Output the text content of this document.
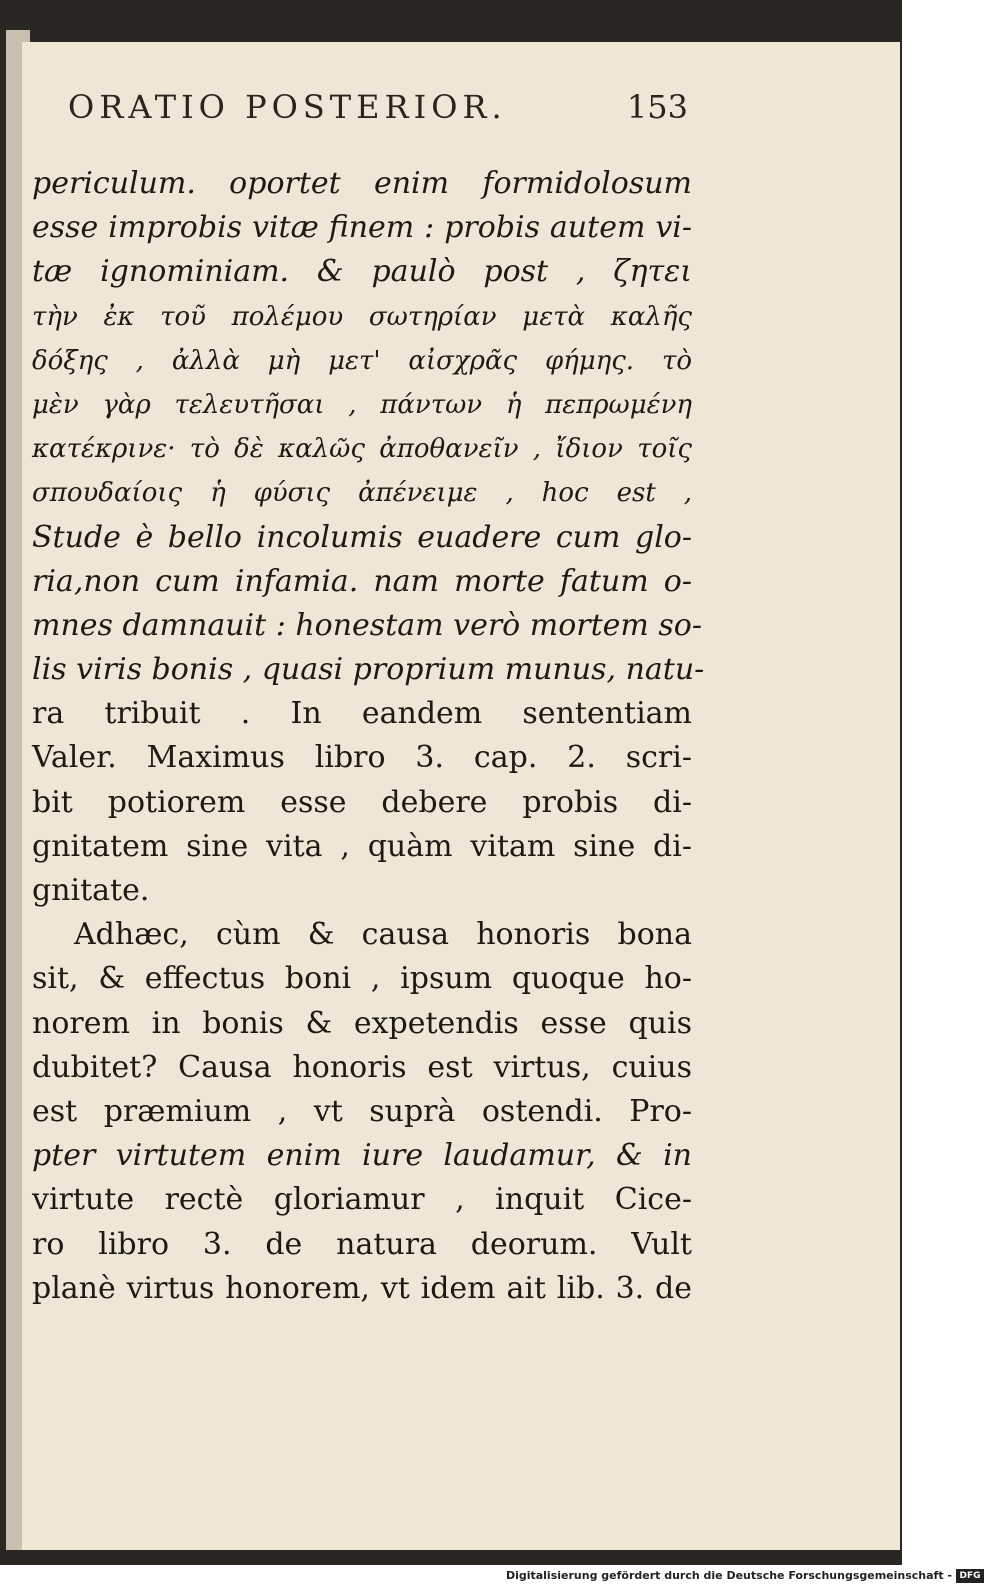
ORATIO POSTERIOR.	153
periculum. oportet enim formidolosum
esse improbis vitæ finem : probis autem vi-
tæ ignominiam. & paulò post , ζητει
τὴν ἐκ τοῦ πολέμου σωτηρίαν μετὰ καλῆς
δόξης , ἀλλὰ μὴ μετ' αἰσχρᾶς φήμης. τὸ
μὲν γὰρ τελευτῆσαι , πάντων ἡ πεπρωμένη
κατέκρινε· τὸ δὲ καλῶς ἀποθανεῖν , ἴδιον τοῖς
σπουδαίοις ἡ φύσις ἀπένειμε , hoc est ,
Stude è bello incolumis euadere cum glo-
ria,non cum infamia. nam morte fatum o-
mnes damnauit : honestam verò mortem so-
lis viris bonis , quasi proprium munus, natu-
ra tribuit . In eandem sententiam
Valer. Maximus libro 3. cap. 2. scri-
bit potiorem esse debere probis di-
gnitatem sine vita , quàm vitam sine di-
gnitate.
Adhæc, cùm & causa honoris bona
sit, & effectus boni , ipsum quoque ho-
norem in bonis & expetendis esse quis
dubitet? Causa honoris est virtus, cuius
est præmium , vt suprà ostendi. Pro-
pter virtutem enim iure laudamur, & in
virtute rectè gloriamur , inquit Cice-
ro libro 3. de natura deorum. Vult
planè virtus honorem, vt idem ait lib. 3. de
Digitalisierung gefördert durch die Deutsche Forschungsgemeinschaft - DFG
